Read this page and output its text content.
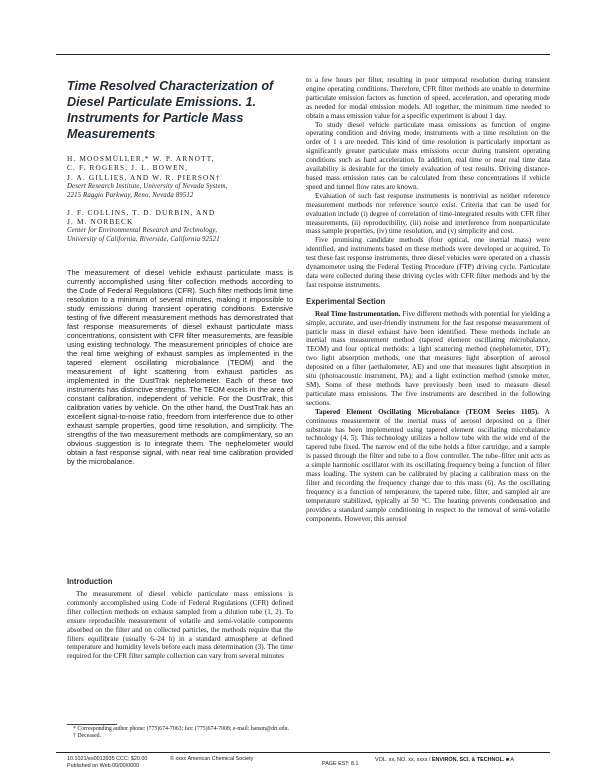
Time Resolved Characterization of Diesel Particulate Emissions. 1. Instruments for Particle Mass Measurements
H. MOOSMÜLLER,* W. P. ARNOTT,
C. F. ROGERS, J. L. BOWEN,
J. A. GILLIES, AND W. R. PIERSON†
Desert Research Institute, University of Nevada System,
2215 Raggio Parkway, Reno, Nevada 89512
J. F. COLLINS, T. D. DURBIN, AND
J. M. NORBECK
Center for Environmental Research and Technology,
University of California, Riverside, California 92521

The measurement of diesel vehicle exhaust particulate mass is currently accomplished using filter collection methods according to the Code of Federal Regulations (CFR). Such filter methods limit time resolution to a minimum of several minutes, making it impossible to study emissions during transient operating conditions. Extensive testing of five different measurement methods has demonstrated that fast response measurements of diesel exhaust particulate mass concentrations, consistent with CFR filter measurements, are feasible using existing technology. The measurement principles of choice are the real time weighing of exhaust samples as implemented in the tapered element oscillating microbalance (TEOM) and the measurement of light scattering from exhaust particles as implemented in the DustTrak nephelometer. Each of these two instruments has distinctive strengths. The TEOM excels in the area of constant calibration, independent of vehicle. For the DustTrak, this calibration varies by vehicle. On the other hand, the DustTrak has an excellent signal-to-noise ratio, freedom from interference due to other exhaust sample properties, good time resolution, and simplicity. The strengths of the two measurement methods are complimentary, so an obvious suggestion is to integrate them. The nephelometer would obtain a fast response signal, with near real time calibration provided by the microbalance.

Introduction

The measurement of diesel vehicle particulate mass emissions is commonly accomplished using Code of Federal Regulations (CFR) defined filter collection methods on exhaust sampled from a dilution tube (1, 2). To ensure reproducible measurement of volatile and semi-volatile components absorbed on the filter and on collected particles, the methods require that the filters equilibrate (usually 6–24 h) in a standard atmosphere at defined temperature and humidity levels before each mass determination (3). The time required for the CFR filter sample collection can vary from several minutes

* Corresponding author phone: (775)674-7063; fax: (775)674-7008; e-mail: hansm@dri.edu.
† Deceased.

to a few hours per filter, resulting in poor temporal resolution during transient engine operating conditions. Therefore, CFR filter methods are unable to determine particulate emission factors as function of speed, acceleration, and operating mode as needed for modal emission models. All together, the minimum time needed to obtain a mass emission value for a specific experiment is about 1 day.

To study diesel vehicle particulate mass emissions as function of engine operating condition and driving mode, instruments with a time resolution on the order of 1 s are needed. This kind of time resolution is particularly important as significantly greater particulate mass emissions occur during transient operating conditions such as hard acceleration. In addition, real time or near real time data availability is desirable for the timely evaluation of test results. Driving distance-based mass emission rates can be calculated from these concentrations if vehicle speed and tunnel flow rates are known.

Evaluation of such fast response instruments is nontrivial as neither reference measurement methods nor reference source exist. Criteria that can be used for evaluation include (i) degree of correlation of time-integrated results with CFR filter measurements, (ii) reproducibility, (iii) noise and interference from nonparticulate mass sample properties, (iv) time resolution, and (v) simplicity and cost.

Five promising candidate methods (four optical, one inertial mass) were identified, and instruments based on these methods were developed or acquired. To test these fast response instruments, three diesel vehicles were operated on a chassis dynamometer using the Federal Testing Procedure (FTP) driving cycle. Particulate data were collected during these driving cycles with CFR filter methods and by the fast response instruments.

Experimental Section

Real Time Instrumentation. Five different methods with potential for yielding a simple, accurate, and user-friendly instrument for the fast response measurement of particle mass in diesel exhaust have been identified. These methods include an inertial mass measurement method (tapered element oscillating microbalance, TEOM) and four optical methods: a light scattering method (nephelometer, DT); two light absorption methods, one that measures light absorption of aerosol deposited on a filter (aethalometer, AE) and one that measures light absorption in situ (photoacoustic instrument, PA); and a light extinction method (smoke meter, SM). Some of these methods have previously been used to measure diesel particulate mass emissions. The five instruments are described in the following sections.

Tapered Element Oscillating Microbalance (TEOM Series 1105). A continuous measurement of the inertial mass of aerosol deposited on a filter substrate has been implemented using tapered element oscillating microbalance technology (4, 5). This technology utilizes a hollow tube with the wide end of the tapered tube fixed. The narrow end of the tube holds a filter cartridge, and a sample is passed through the filter and tube to a flow controller. The tube–filter unit acts as a simple harmonic oscillator with its oscillating frequency being a function of filter mass loading. The system can be calibrated by placing a calibration mass on the filter and recording the frequency change due to this mass (6). As the oscillating frequency is a function of temperature, the tapered tube, filter, and sampled air are temperature stabilized, typically at 50 °C. The heating prevents condensation and provides a standard sample conditioning in respect to the removal of semi-volatile components. However, this aerosol

10.1021/es0013935 CCC: $20.00
Published on Web 00/00/0000
© xxxx American Chemical Society
PAGE EST: 8.1
VOL. xx, NO. xx, xxxx / ENVIRON. SCI. & TECHNOL. ■ A
